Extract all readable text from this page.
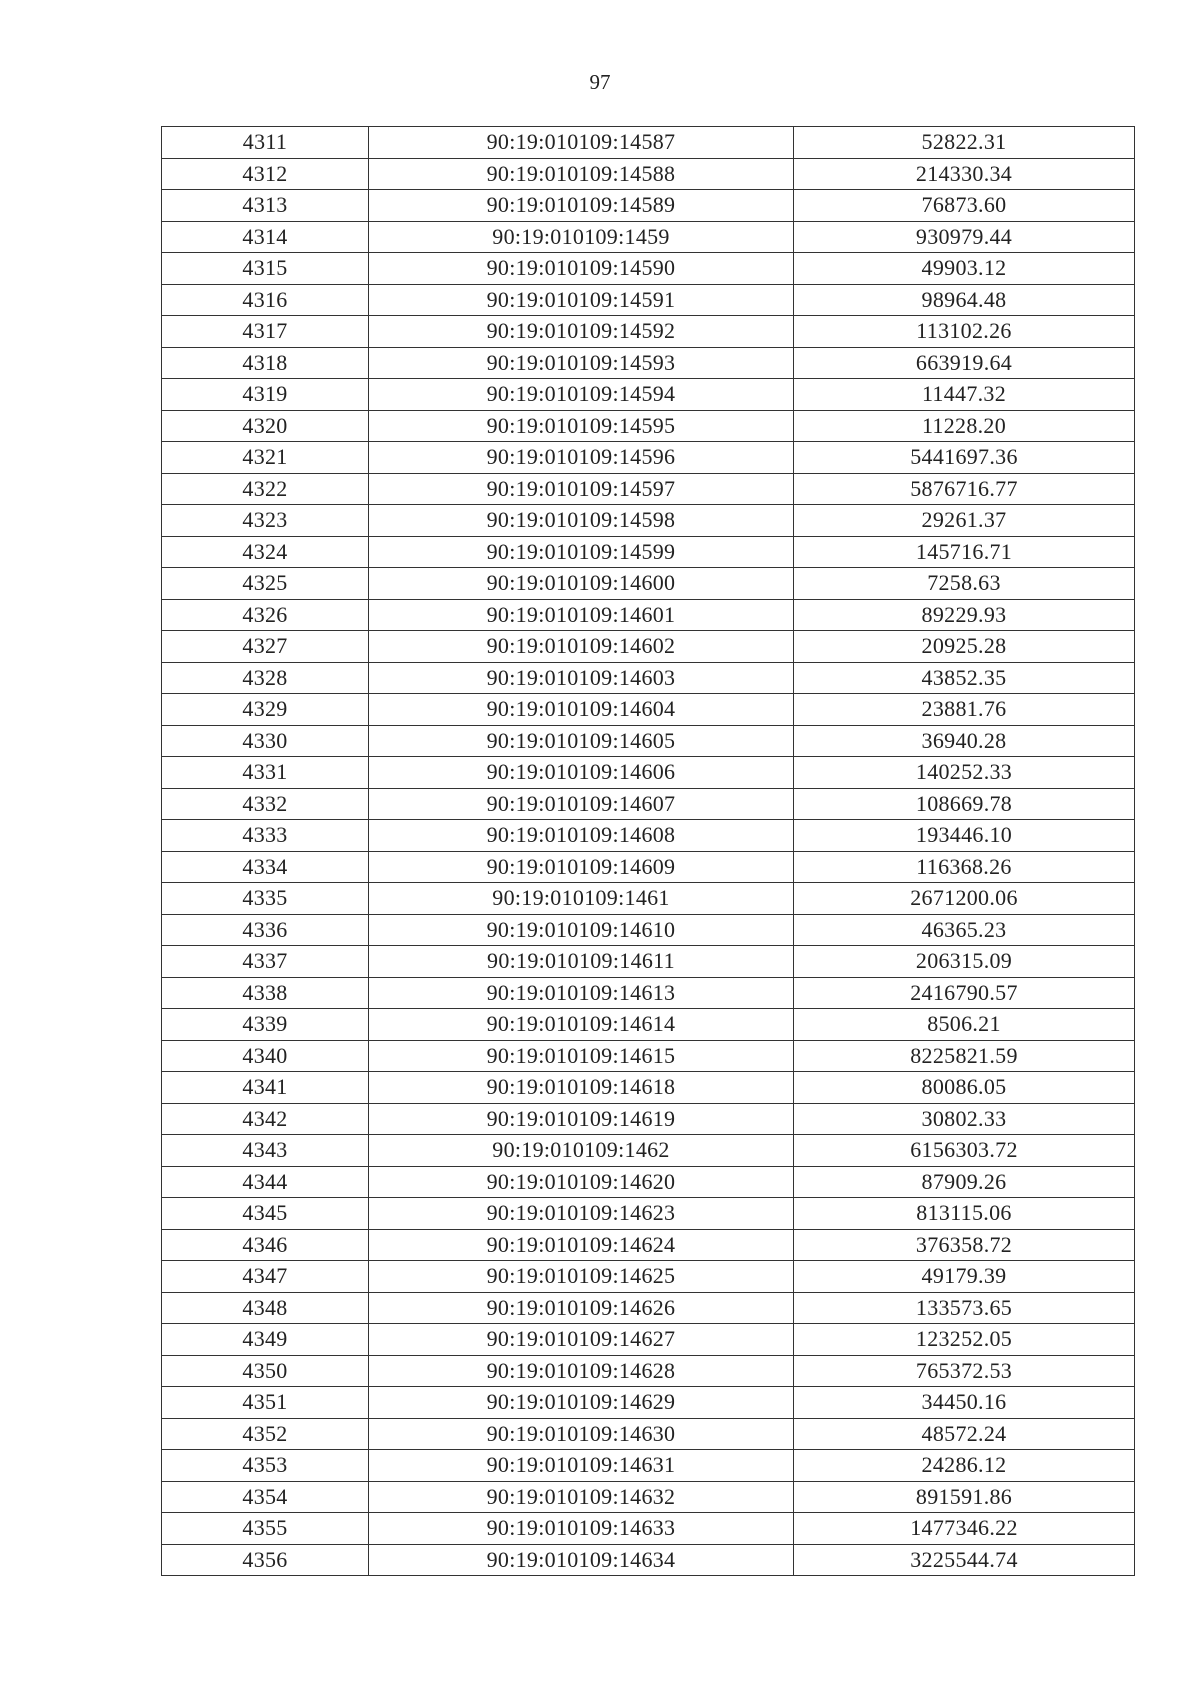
97
4311	90:19:010109:14587	52822.31
4312	90:19:010109:14588	214330.34
4313	90:19:010109:14589	76873.60
4314	90:19:010109:1459	930979.44
4315	90:19:010109:14590	49903.12
4316	90:19:010109:14591	98964.48
4317	90:19:010109:14592	113102.26
4318	90:19:010109:14593	663919.64
4319	90:19:010109:14594	11447.32
4320	90:19:010109:14595	11228.20
4321	90:19:010109:14596	5441697.36
4322	90:19:010109:14597	5876716.77
4323	90:19:010109:14598	29261.37
4324	90:19:010109:14599	145716.71
4325	90:19:010109:14600	7258.63
4326	90:19:010109:14601	89229.93
4327	90:19:010109:14602	20925.28
4328	90:19:010109:14603	43852.35
4329	90:19:010109:14604	23881.76
4330	90:19:010109:14605	36940.28
4331	90:19:010109:14606	140252.33
4332	90:19:010109:14607	108669.78
4333	90:19:010109:14608	193446.10
4334	90:19:010109:14609	116368.26
4335	90:19:010109:1461	2671200.06
4336	90:19:010109:14610	46365.23
4337	90:19:010109:14611	206315.09
4338	90:19:010109:14613	2416790.57
4339	90:19:010109:14614	8506.21
4340	90:19:010109:14615	8225821.59
4341	90:19:010109:14618	80086.05
4342	90:19:010109:14619	30802.33
4343	90:19:010109:1462	6156303.72
4344	90:19:010109:14620	87909.26
4345	90:19:010109:14623	813115.06
4346	90:19:010109:14624	376358.72
4347	90:19:010109:14625	49179.39
4348	90:19:010109:14626	133573.65
4349	90:19:010109:14627	123252.05
4350	90:19:010109:14628	765372.53
4351	90:19:010109:14629	34450.16
4352	90:19:010109:14630	48572.24
4353	90:19:010109:14631	24286.12
4354	90:19:010109:14632	891591.86
4355	90:19:010109:14633	1477346.22
4356	90:19:010109:14634	3225544.74
